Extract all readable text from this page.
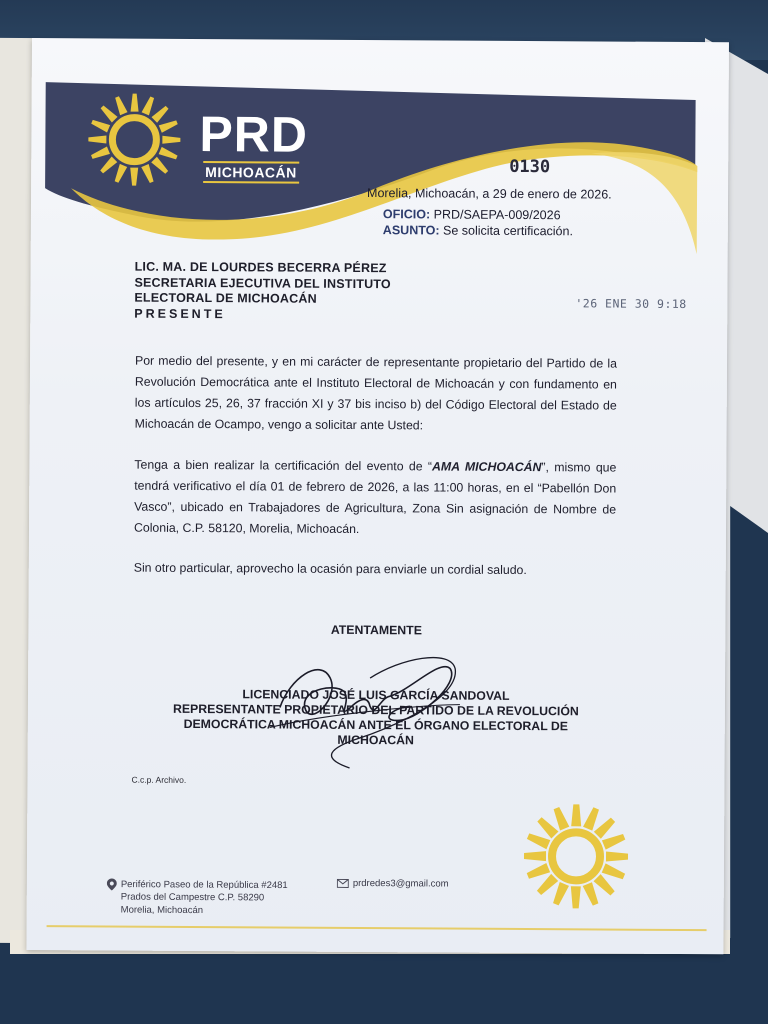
PRD
MICHOACÁN	0130
Morelia, Michoacán, a 29 de enero de 2026.
OFICIO: PRD/SAEPA-009/2026
ASUNTO: Se solicita certificación.
LIC. MA. DE LOURDES BECERRA PÉREZ
SECRETARIA EJECUTIVA DEL INSTITUTO
ELECTORAL DE MICHOACÁN
PRESENTE
'26 ENE 30 9:18
Por medio del presente, y en mi carácter de representante propietario del Partido de la Revolución Democrática ante el Instituto Electoral de Michoacán y con fundamento en los artículos 25, 26, 37 fracción XI y 37 bis inciso b) del Código Electoral del Estado de Michoacán de Ocampo, vengo a solicitar ante Usted:
Tenga a bien realizar la certificación del evento de “AMA MICHOACÁN”, mismo que tendrá verificativo el día 01 de febrero de 2026, a las 11:00 horas, en el “Pabellón Don Vasco”, ubicado en Trabajadores de Agricultura, Zona Sin asignación de Nombre de Colonia, C.P. 58120, Morelia, Michoacán.
Sin otro particular, aprovecho la ocasión para enviarle un cordial saludo.
ATENTAMENTE
LICENCIADO JOSÉ LUIS GARCÍA SANDOVAL
REPRESENTANTE PROPIETARIO DEL PARTIDO DE LA REVOLUCIÓN
DEMOCRÁTICA MICHOACÁN ANTE EL ÓRGANO ELECTORAL DE
MICHOACÁN
C.c.p. Archivo.
Periférico Paseo de la República #2481
Prados del Campestre C.P. 58290
Morelia, Michoacán
prdredes3@gmail.com
